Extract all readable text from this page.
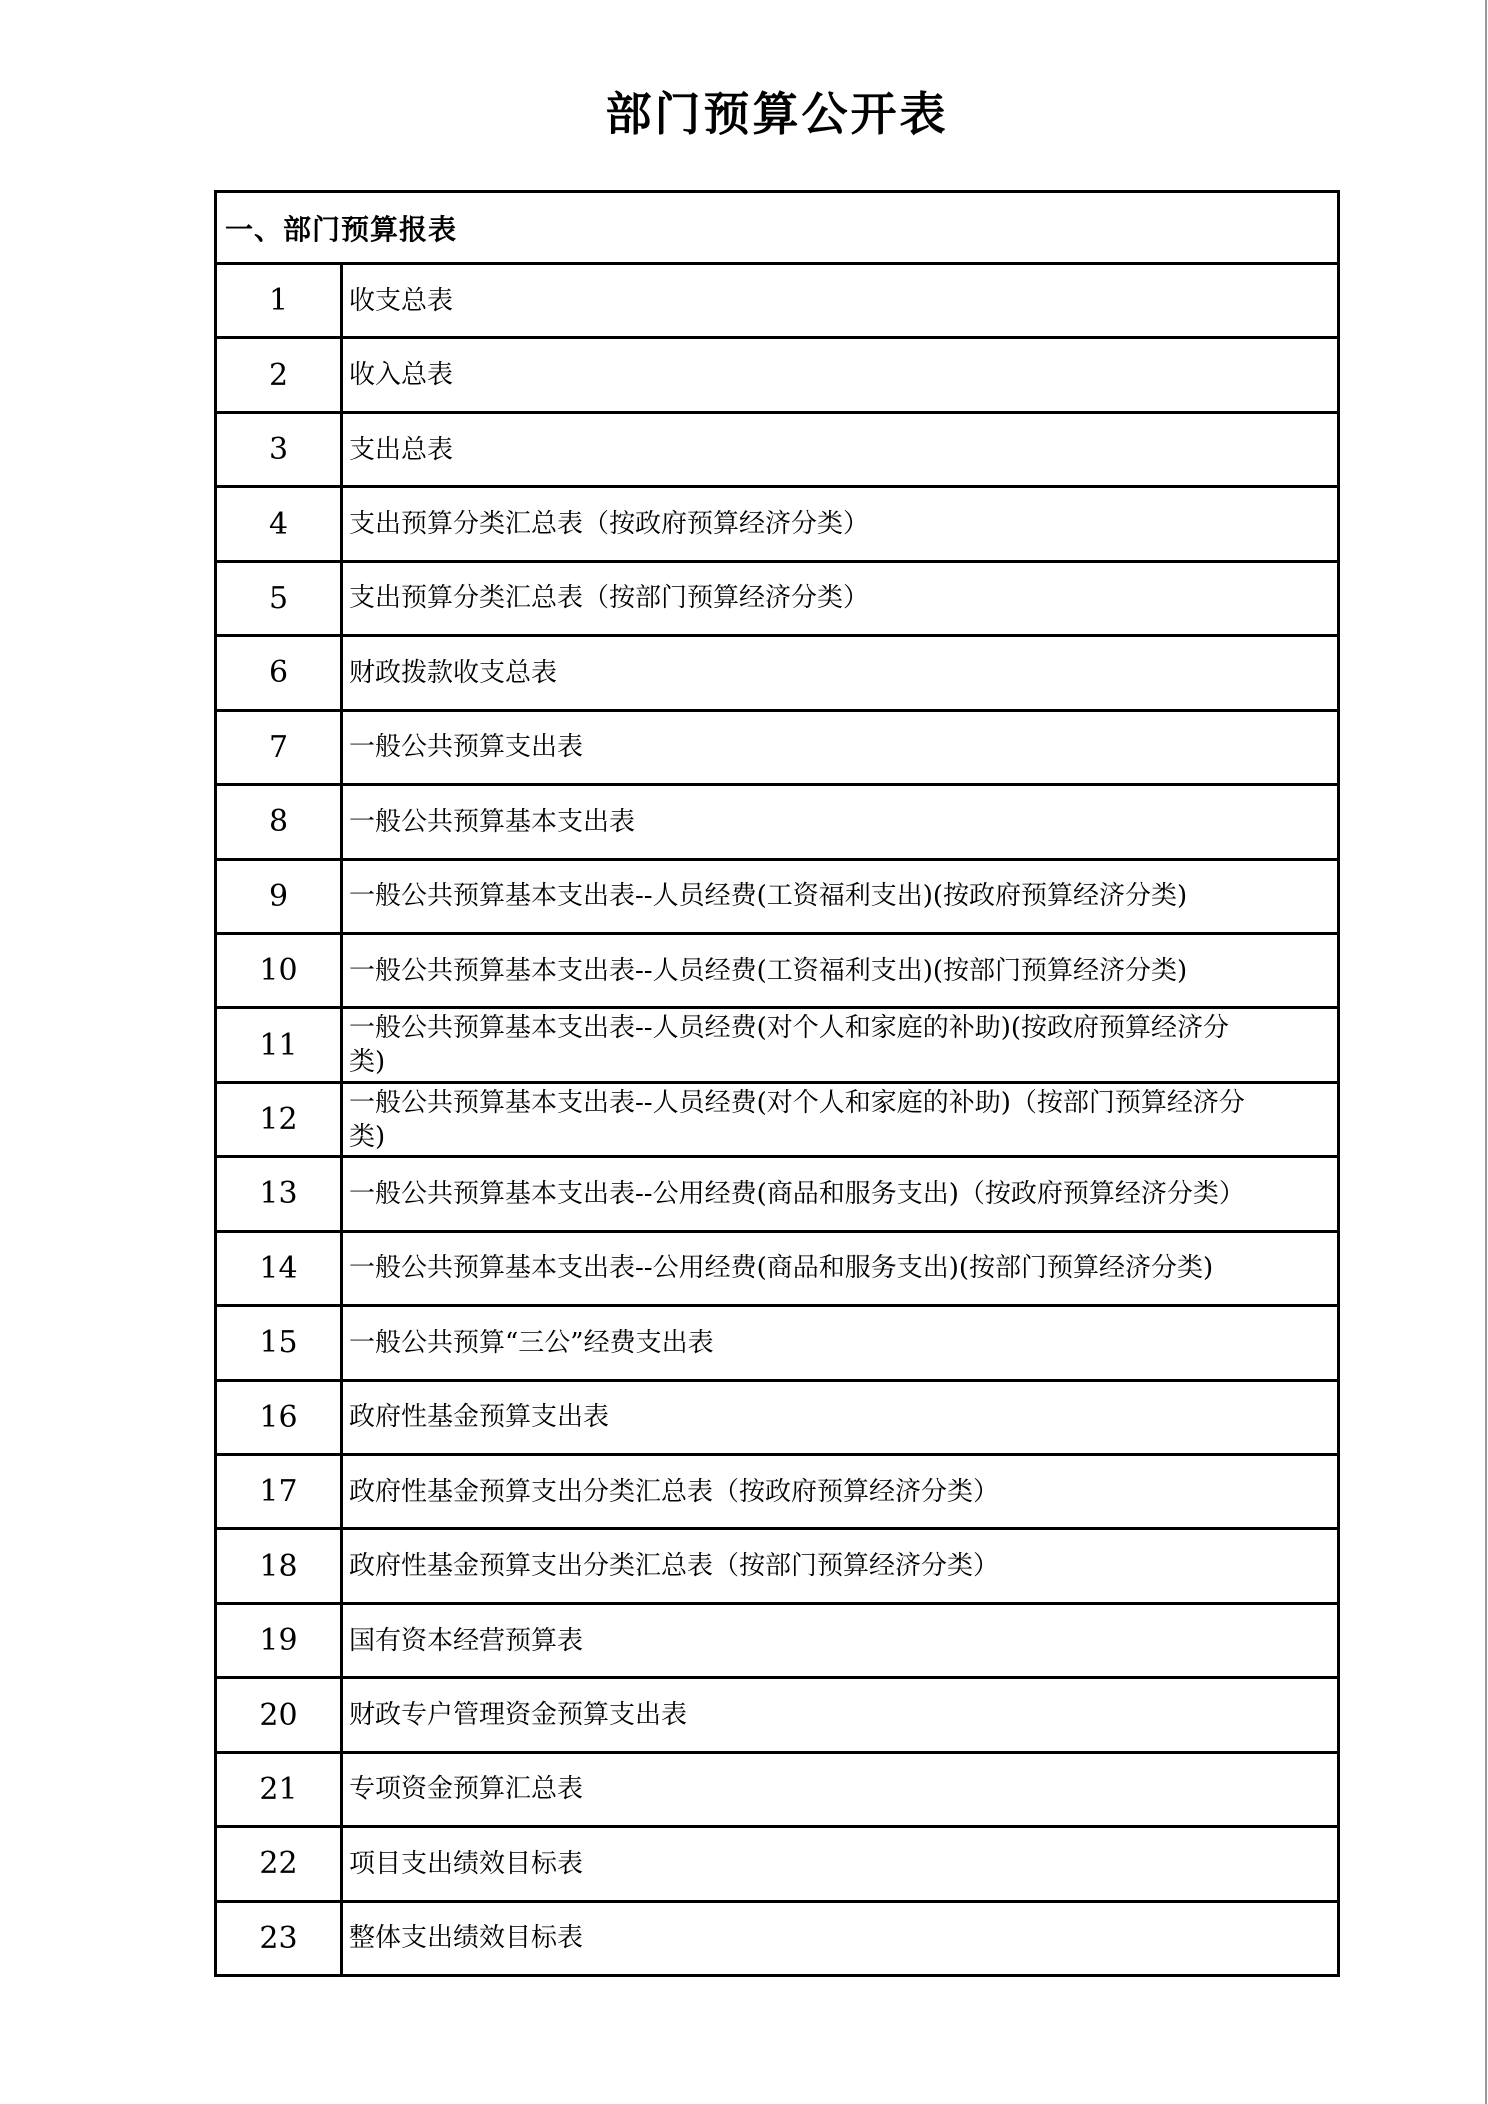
部门预算公开表
一、部门预算报表
1 收支总表
2 收入总表
3 支出总表
4 支出预算分类汇总表（按政府预算经济分类）
5 支出预算分类汇总表（按部门预算经济分类）
6 财政拨款收支总表
7 一般公共预算支出表
8 一般公共预算基本支出表
9 一般公共预算基本支出表--人员经费(工资福利支出)(按政府预算经济分类)
10 一般公共预算基本支出表--人员经费(工资福利支出)(按部门预算经济分类)
11 一般公共预算基本支出表--人员经费(对个人和家庭的补助)(按政府预算经济分
类)
12 一般公共预算基本支出表--人员经费(对个人和家庭的补助)（按部门预算经济分
类)
13 一般公共预算基本支出表--公用经费(商品和服务支出)（按政府预算经济分类）
14 一般公共预算基本支出表--公用经费(商品和服务支出)(按部门预算经济分类)
15 一般公共预算“三公”经费支出表
16 政府性基金预算支出表
17 政府性基金预算支出分类汇总表（按政府预算经济分类）
18 政府性基金预算支出分类汇总表（按部门预算经济分类）
19 国有资本经营预算表
20 财政专户管理资金预算支出表
21 专项资金预算汇总表
22 项目支出绩效目标表
23 整体支出绩效目标表
